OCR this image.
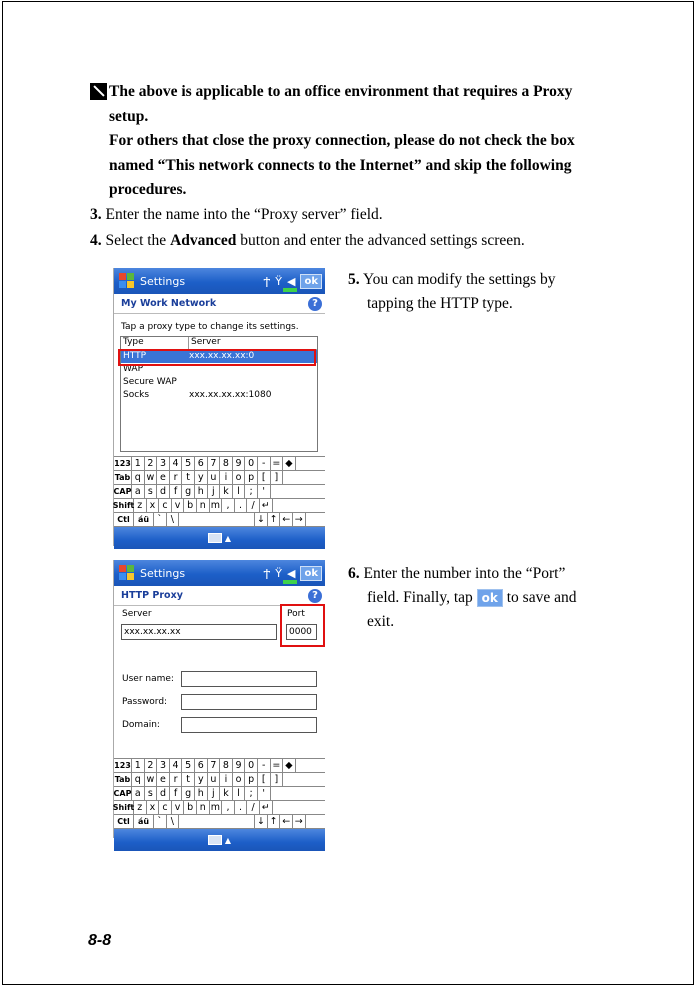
The above is applicable to an office environment that requires a Proxy

setup.

For others that close the proxy connection, please do not check the box

named “This network connects to the Internet” and skip the following

procedures.

3. Enter the name into the “Proxy server” field.
4. Select the Advanced button and enter the advanced settings screen.
Settings	Ϯ Ÿ ◀︎ ok
My Work Network	?
Tap a proxy type to change its settings.
Type	Server
HTTP	xxx.xx.xx.xx:0
WAP
Secure WAP
Socks	xxx.xx.xx.xx:1080
123 1 2 3 4 5 6 7 8 9 0 - = ◆
Tab q w e r t y u i o p [ ]
CAP a s d f g h j k l	;	'
Shift z x c v b n m ,	. / ↵
Ctl	áü ` \	↓ ↑ ← →
▲
5. You can modify the settings by
tapping the HTTP type.
Settings	Ϯ Ÿ ◀︎ ok
HTTP Proxy	?
Server	Port
xxx.xx.xx.xx	0000
User name:
Password:
Domain:
123 1 2 3 4 5 6 7 8 9 0 - = ◆
Tab q w e r t y u i o p [ ]
CAP a s d f g h j k l	;	'
Shift z x c v b n m ,	. / ↵
Ctl	áü ` \	↓ ↑ ← →
▲
6. Enter the number into the “Port”
field. Finally, tap ok to save and
exit.
8-8
